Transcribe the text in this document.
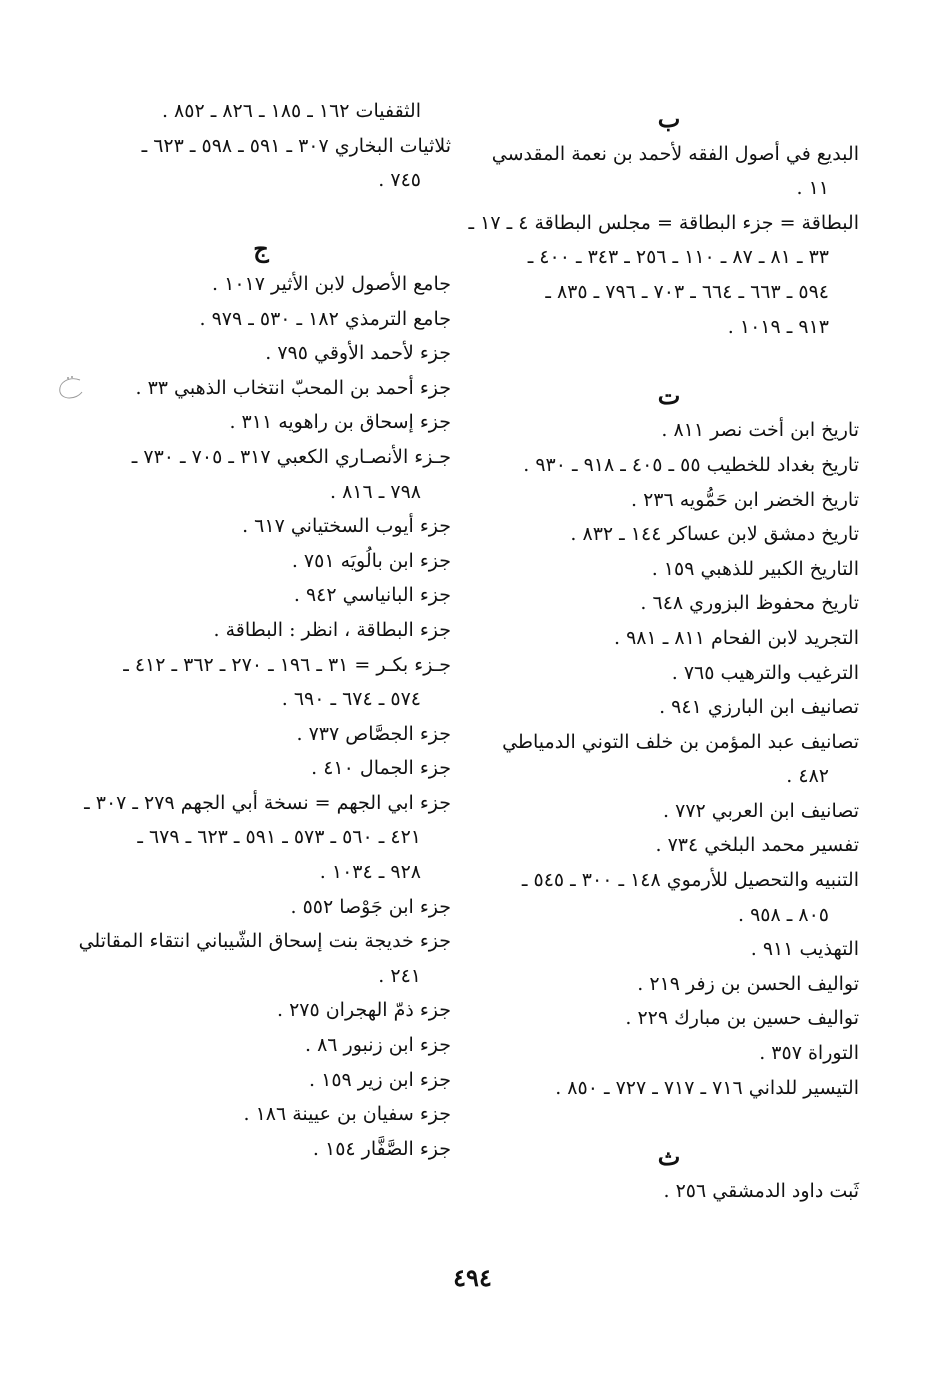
ب
البديع في أصول الفقه لأحمد بن نعمة المقدسي
١١ .
البطاقة = جزء البطاقة = مجلس البطاقة ٤ ـ ١٧ ـ
٣٣ ـ ٨١ ـ ٨٧ ـ ١١٠ ـ ٢٥٦ ـ ٣٤٣ ـ ٤٠٠ ـ
٥٩٤ ـ ٦٦٣ ـ ٦٦٤ ـ ٧٠٣ ـ ٧٩٦ ـ ٨٣٥ ـ
٩١٣ ـ ١٠١٩ .
ت
تاريخ ابن أخت نصر ٨١١ .
تاريخ بغداد للخطيب ٥٥ ـ ٤٠٥ ـ ٩١٨ ـ ٩٣٠ .
تاريخ الخضر ابن حَمُّويه ٢٣٦ .
تاريخ دمشق لابن عساكر ١٤٤ ـ ٨٣٢ .
التاريخ الكبير للذهبي ١٥٩ .
تاريخ محفوظ البزوري ٦٤٨ .
التجريد لابن الفحام ٨١١ ـ ٩٨١ .
الترغيب والترهيب ٧٦٥ .
تصانيف ابن البارزي ٩٤١ .
تصانيف عبد المؤمن بن خلف التوني الدمياطي
٤٨٢ .
تصانيف ابن العربي ٧٧٢ .
تفسير محمد البلخي ٧٣٤ .
التنبيه والتحصيل للأرموي ١٤٨ ـ ٣٠٠ ـ ٥٤٥ ـ
٨٠٥ ـ ٩٥٨ .
التهذيب ٩١١ .
تواليف الحسن بن زفر ٢١٩ .
تواليف حسين بن مبارك ٢٢٩ .
التوراة ٣٥٧ .
التيسير للداني ٧١٦ ـ ٧١٧ ـ ٧٢٧ ـ ٨٥٠ .
ث
ثَبت داود الدمشقي ٢٥٦ .
الثقفيات ١٦٢ ـ ١٨٥ ـ ٨٢٦ ـ ٨٥٢ .
ثلاثيات البخاري ٣٠٧ ـ ٥٩١ ـ ٥٩٨ ـ ٦٢٣ ـ
٧٤٥ .
ج
جامع الأصول لابن الأثير ١٠١٧ .
جامع الترمذي ١٨٢ ـ ٥٣٠ ـ ٩٧٩ .
جزء لأحمد الأوقي ٧٩٥ .
جزء أحمد بن المحبّ انتخاب الذهبي ٣٣ .
جزء إسحاق بن راهويه ٣١١ .
جـزء الأنصـاري الكعبي ٣١٧ ـ ٧٠٥ ـ ٧٣٠ ـ
٧٩٨ ـ ٨١٦ .
جزء أيوب السختياني ٦١٧ .
جزء ابن بالُويَه ٧٥١ .
جزء البانياسي ٩٤٢ .
جزء البطاقة ، انظر : البطاقة .
جـزء بكـر = ٣١ ـ ١٩٦ ـ ٢٧٠ ـ ٣٦٢ ـ ٤١٢ ـ
٥٧٤ ـ ٦٧٤ ـ ٦٩٠ .
جزء الجصَّاص ٧٣٧ .
جزء الجمال ٤١٠ .
جزء ابي الجهم = نسخة أبي الجهم ٢٧٩ ـ ٣٠٧ ـ
٤٢١ ـ ٥٦٠ ـ ٥٧٣ ـ ٥٩١ ـ ٦٢٣ ـ ٦٧٩ ـ
٩٢٨ ـ ١٠٣٤ .
جزء ابن جَوْصا ٥٥٢ .
جزء خديجة بنت إسحاق الشّيباني انتقاء المقاتلي
٢٤١ .
جزء ذمّ الهجران ٢٧٥ .
جزء ابن زنبور ٨٦ .
جزء ابن زير ١٥٩ .
جزء سفيان بن عيينة ١٨٦ .
جزء الصَّفَّار ١٥٤ .
٤٩٤
